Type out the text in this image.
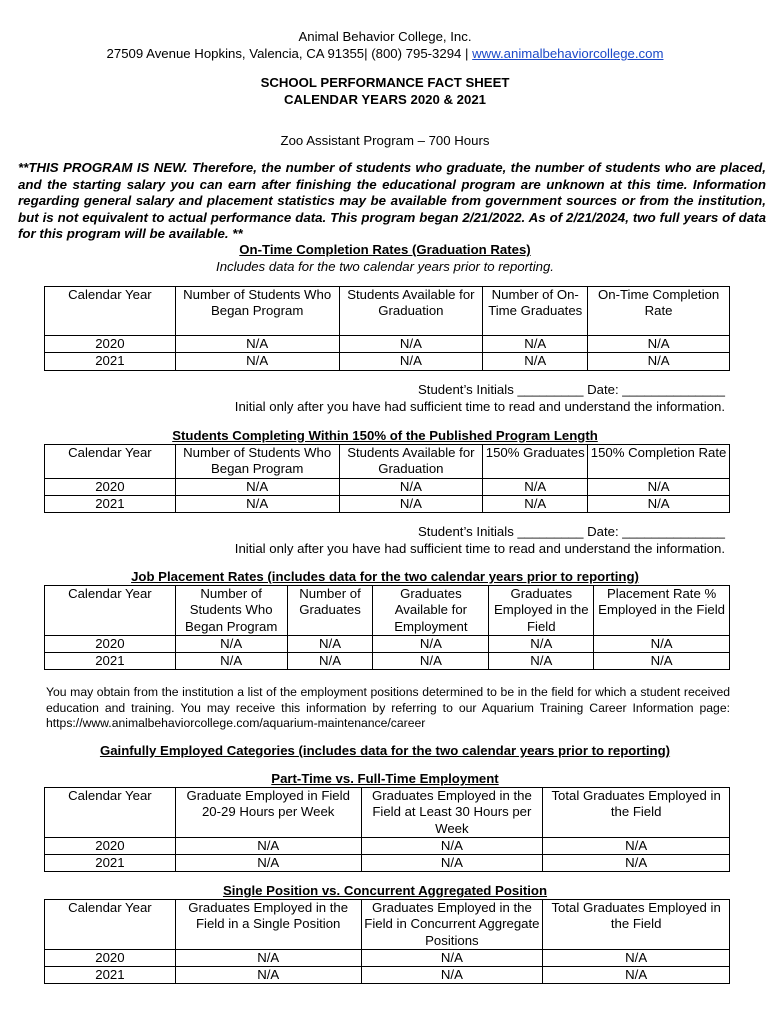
Animal Behavior College, Inc.
27509 Avenue Hopkins, Valencia, CA 91355| (800) 795-3294 | www.animalbehaviorcollege.com
SCHOOL PERFORMANCE FACT SHEET
CALENDAR YEARS 2020 & 2021
Zoo Assistant Program – 700 Hours
**THIS PROGRAM IS NEW. Therefore, the number of students who graduate, the number of students who are placed, and the starting salary you can earn after finishing the educational program are unknown at this time. Information regarding general salary and placement statistics may be available from government sources or from the institution, but is not equivalent to actual performance data. This program began 2/21/2022. As of 2/21/2024, two full years of data for this program will be available. **
On-Time Completion Rates (Graduation Rates)
Includes data for the two calendar years prior to reporting.
Calendar Year	Number of Students Who Began Program	Students Available for Graduation	Number of On-Time Graduates	On-Time Completion Rate
2020	N/A	N/A	N/A	N/A
2021	N/A	N/A	N/A	N/A
Student’s Initials _________ Date: ______________
Initial only after you have had sufficient time to read and understand the information.
Students Completing Within 150% of the Published Program Length
Calendar Year	Number of Students Who Began Program	Students Available for Graduation	150% Graduates	150% Completion Rate
2020	N/A	N/A	N/A	N/A
2021	N/A	N/A	N/A	N/A
Student’s Initials _________ Date: ______________
Initial only after you have had sufficient time to read and understand the information.
Job Placement Rates (includes data for the two calendar years prior to reporting)
Calendar Year	Number of Students Who Began Program	Number of Graduates	Graduates Available for Employment	Graduates Employed in the Field	Placement Rate % Employed in the Field
2020	N/A	N/A	N/A	N/A	N/A
2021	N/A	N/A	N/A	N/A	N/A
You may obtain from the institution a list of the employment positions determined to be in the field for which a student received education and training. You may receive this information by referring to our Aquarium Training Career Information page: https://www.animalbehaviorcollege.com/aquarium-maintenance/career
Gainfully Employed Categories (includes data for the two calendar years prior to reporting)
Part-Time vs. Full-Time Employment
Calendar Year	Graduate Employed in Field 20-29 Hours per Week	Graduates Employed in the Field at Least 30 Hours per Week	Total Graduates Employed in the Field
2020	N/A	N/A	N/A
2021	N/A	N/A	N/A
Single Position vs. Concurrent Aggregated Position
Calendar Year	Graduates Employed in the Field in a Single Position	Graduates Employed in the Field in Concurrent Aggregate Positions	Total Graduates Employed in the Field
2020	N/A	N/A	N/A
2021	N/A	N/A	N/A
